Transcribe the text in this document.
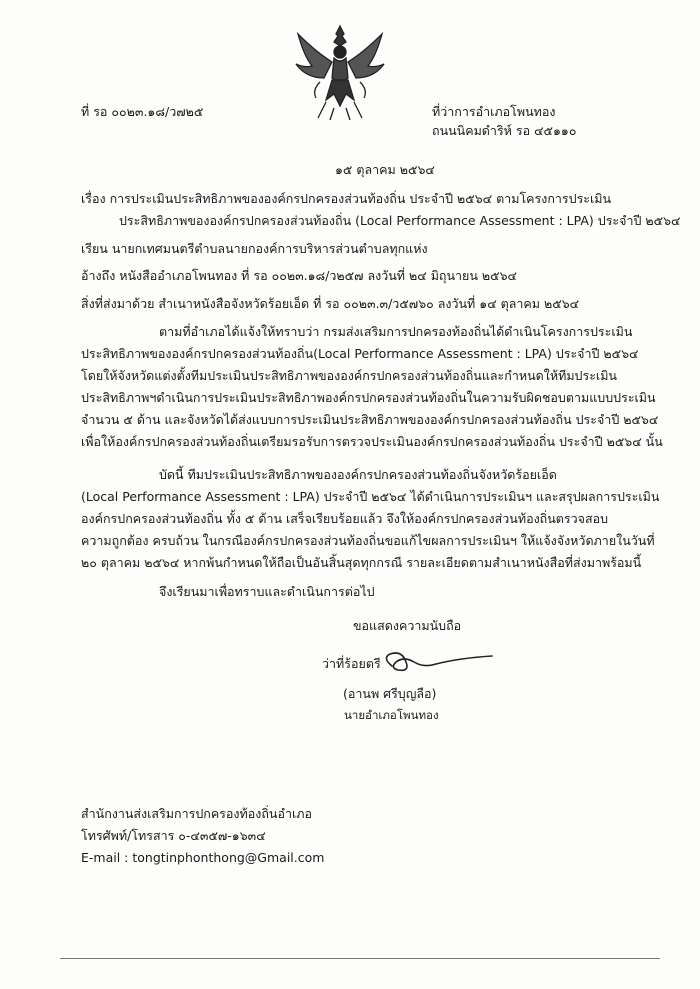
ที่ รอ ๐๐๒๓.๑๘/ว๗๒๕	ที่ว่าการอำเภอโพนทอง
ถนนนิคมดำริห์ รอ ๔๕๑๑๐
๑๕ ตุลาคม ๒๕๖๔
เรื่อง การประเมินประสิทธิภาพขององค์กรปกครองส่วนท้องถิ่น ประจำปี ๒๕๖๔ ตามโครงการประเมิน
ประสิทธิภาพขององค์กรปกครองส่วนท้องถิ่น (Local Performance Assessment : LPA) ประจำปี ๒๕๖๔
เรียน นายกเทศมนตรีตำบลนายกองค์การบริหารส่วนตำบลทุกแห่ง
อ้างถึง หนังสืออำเภอโพนทอง ที่ รอ ๐๐๒๓.๑๘/ว๒๕๗ ลงวันที่ ๒๔ มิถุนายน ๒๕๖๔
สิ่งที่ส่งมาด้วย สำเนาหนังสือจังหวัดร้อยเอ็ด ที่ รอ ๐๐๒๓.๓/ว๕๗๖๐ ลงวันที่ ๑๔ ตุลาคม ๒๕๖๔
ตามที่อำเภอได้แจ้งให้ทราบว่า กรมส่งเสริมการปกครองท้องถิ่นได้ดำเนินโครงการประเมิน
ประสิทธิภาพขององค์กรปกครองส่วนท้องถิ่น(Local Performance Assessment : LPA) ประจำปี ๒๕๖๔
โดยให้จังหวัดแต่งตั้งทีมประเมินประสิทธิภาพขององค์กรปกครองส่วนท้องถิ่นและกำหนดให้ทีมประเมิน
ประสิทธิภาพฯดำเนินการประเมินประสิทธิภาพองค์กรปกครองส่วนท้องถิ่นในความรับผิดชอบตามแบบประเมิน
จำนวน ๕ ด้าน และจังหวัดได้ส่งแบบการประเมินประสิทธิภาพขององค์กรปกครองส่วนท้องถิ่น ประจำปี ๒๕๖๔
เพื่อให้องค์กรปกครองส่วนท้องถิ่นเตรียมรอรับการตรวจประเมินองค์กรปกครองส่วนท้องถิ่น ประจำปี ๒๕๖๔ นั้น
บัดนี้ ทีมประเมินประสิทธิภาพขององค์กรปกครองส่วนท้องถิ่นจังหวัดร้อยเอ็ด
(Local Performance Assessment : LPA) ประจำปี ๒๕๖๔ ได้ดำเนินการประเมินฯ และสรุปผลการประเมิน
องค์กรปกครองส่วนท้องถิ่น ทั้ง ๕ ด้าน เสร็จเรียบร้อยแล้ว จึงให้องค์กรปกครองส่วนท้องถิ่นตรวจสอบ
ความถูกต้อง ครบถ้วน ในกรณีองค์กรปกครองส่วนท้องถิ่นขอแก้ไขผลการประเมินฯ ให้แจ้งจังหวัดภายในวันที่
๒๐ ตุลาคม ๒๕๖๔ หากพ้นกำหนดให้ถือเป็นอันสิ้นสุดทุกกรณี รายละเอียดตามสำเนาหนังสือที่ส่งมาพร้อมนี้
จึงเรียนมาเพื่อทราบและดำเนินการต่อไป
ขอแสดงความนับถือ
ว่าที่ร้อยตรี
(อานพ ศรีบุญลือ)
นายอำเภอโพนทอง
สำนักงานส่งเสริมการปกครองท้องถิ่นอำเภอ
โทรศัพท์/โทรสาร ๐-๔๓๕๗-๑๖๓๔
E-mail : tongtinphonthong@Gmail.com
